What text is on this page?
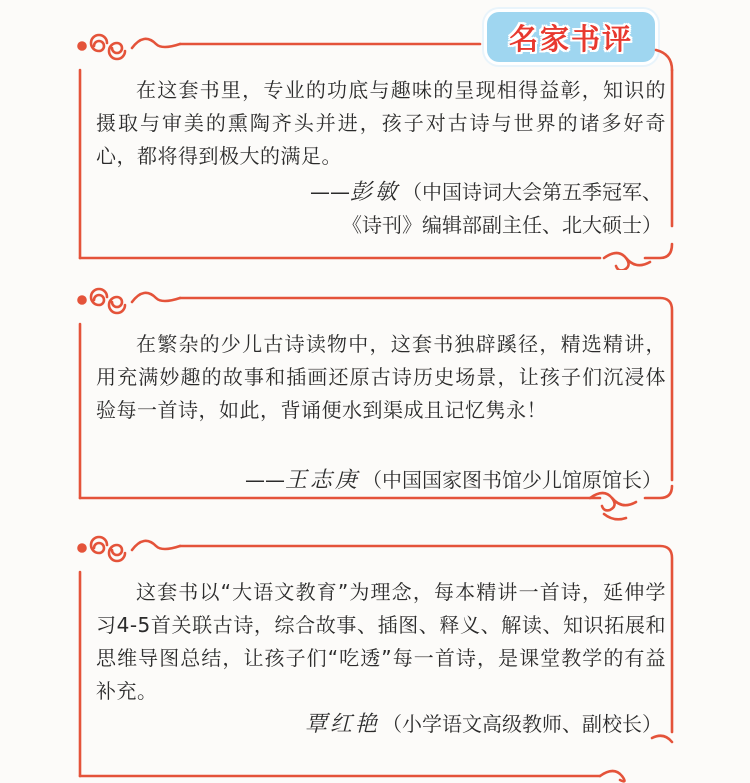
名家书评

在这套书里，专业的功底与趣味的呈现相得益彰，知识的摄取与审美的熏陶齐头并进，孩子对古诗与世界的诸多好奇心，都将得到极大的满足。

——彭敏 （中国诗词大会第五季冠军、
《诗刊》编辑部副主任、北大硕士）

在繁杂的少儿古诗读物中，这套书独辟蹊径，精选精讲，用充满妙趣的故事和插画还原古诗历史场景，让孩子们沉浸体验每一首诗，如此，背诵便水到渠成且记忆隽永！

——王志庚 （中国国家图书馆少儿馆原馆长）

这套书以“大语文教育”为理念，每本精讲一首诗，延伸学习4-5首关联古诗，综合故事、插图、释义、解读、知识拓展和思维导图总结，让孩子们“吃透”每一首诗，是课堂教学的有益补充。

覃红艳 （小学语文高级教师、副校长）
